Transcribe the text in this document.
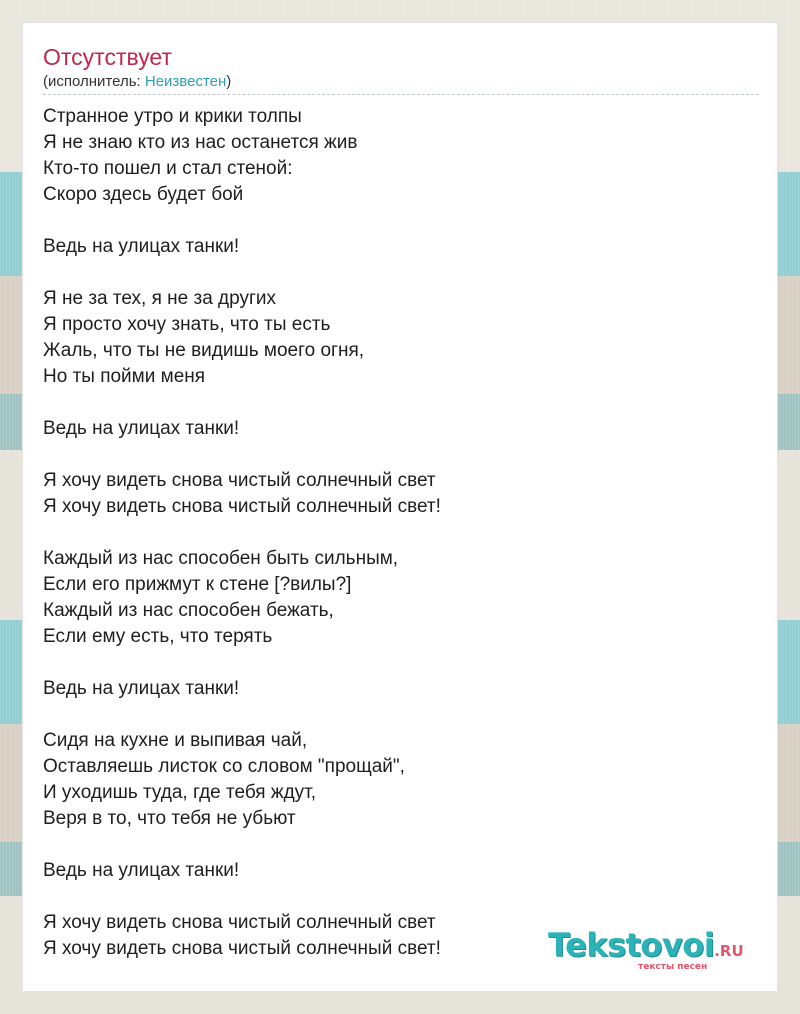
Отсутствует
(исполнитель: Неизвестен)
Странное утро и крики толпы
Я не знаю кто из нас останется жив
Кто-то пошел и стал стеной:
Скоро здесь будет бой
Ведь на улицах танки!
Я не за тех, я не за других
Я просто хочу знать, что ты есть
Жаль, что ты не видишь моего огня,
Но ты пойми меня
Ведь на улицах танки!
Я хочу видеть снова чистый солнечный свет
Я хочу видеть снова чистый солнечный свет!
Каждый из нас способен быть сильным,
Если его прижмут к стене [?вилы?]
Каждый из нас способен бежать,
Если ему есть, что терять
Ведь на улицах танки!
Сидя на кухне и выпивая чай,
Оставляешь листок со словом "прощай",
И уходишь туда, где тебя ждут,
Веря в то, что тебя не убьют
Ведь на улицах танки!
Я хочу видеть снова чистый солнечный свет
Я хочу видеть снова чистый солнечный свет!	Tekstovoi.RU
тексты песен
